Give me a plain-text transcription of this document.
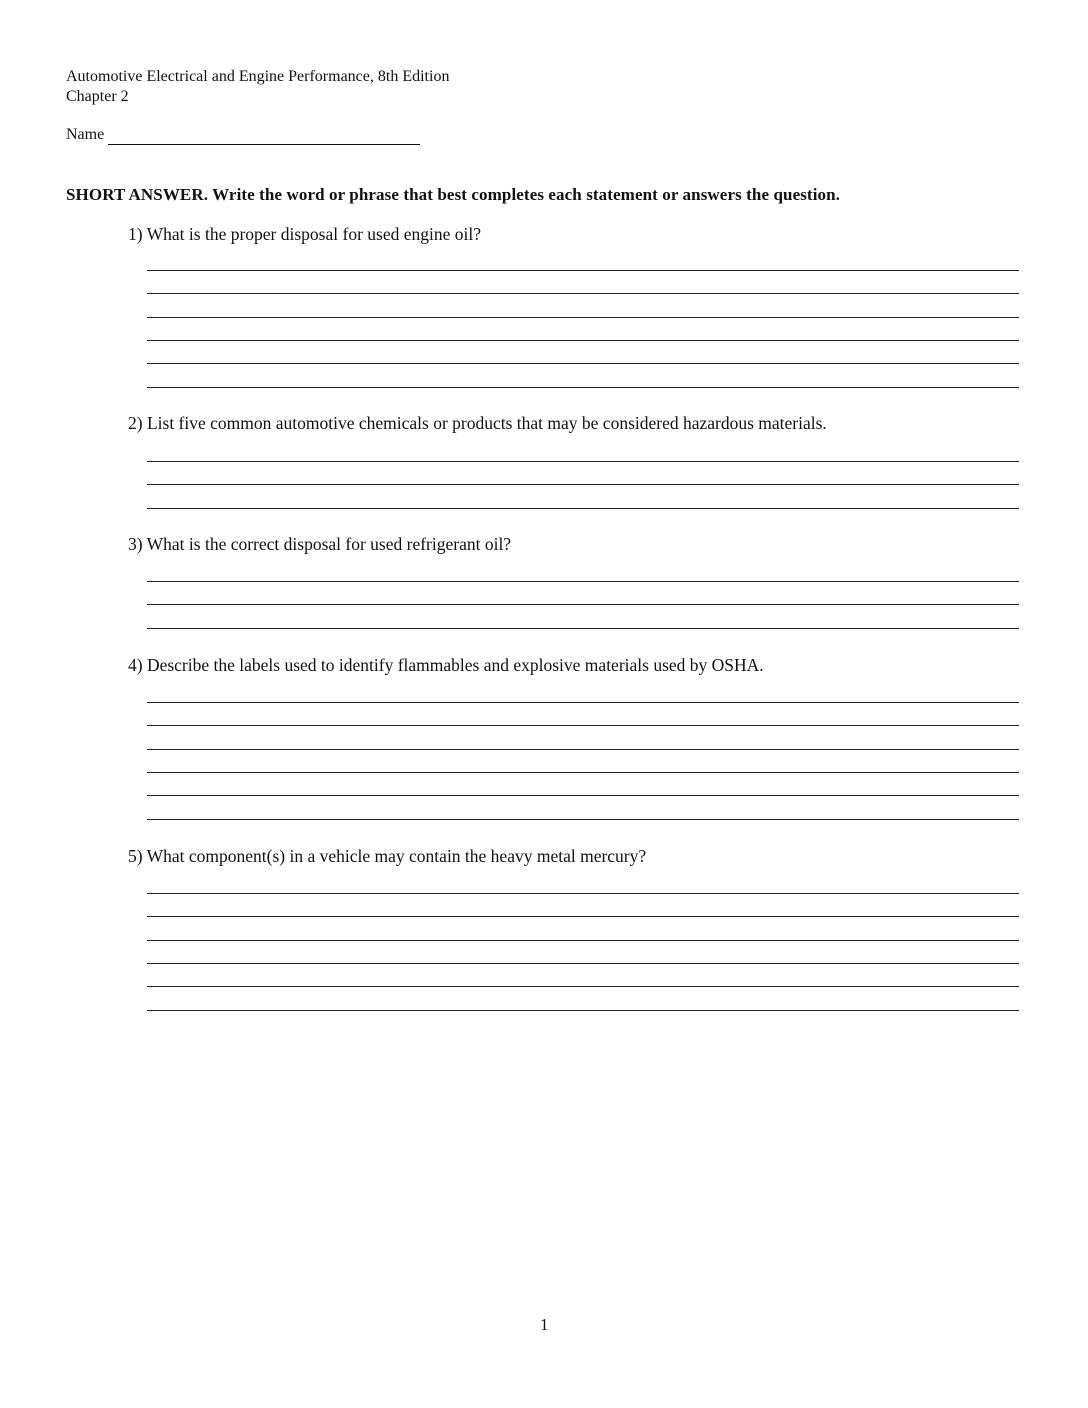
Automotive Electrical and Engine Performance, 8th Edition
Chapter 2
Name
SHORT ANSWER. Write the word or phrase that best completes each statement or answers the question.
1) What is the proper disposal for used engine oil?
2) List five common automotive chemicals or products that may be considered hazardous materials.
3) What is the correct disposal for used refrigerant oil?
4) Describe the labels used to identify flammables and explosive materials used by OSHA.
5) What component(s) in a vehicle may contain the heavy metal mercury?
1
